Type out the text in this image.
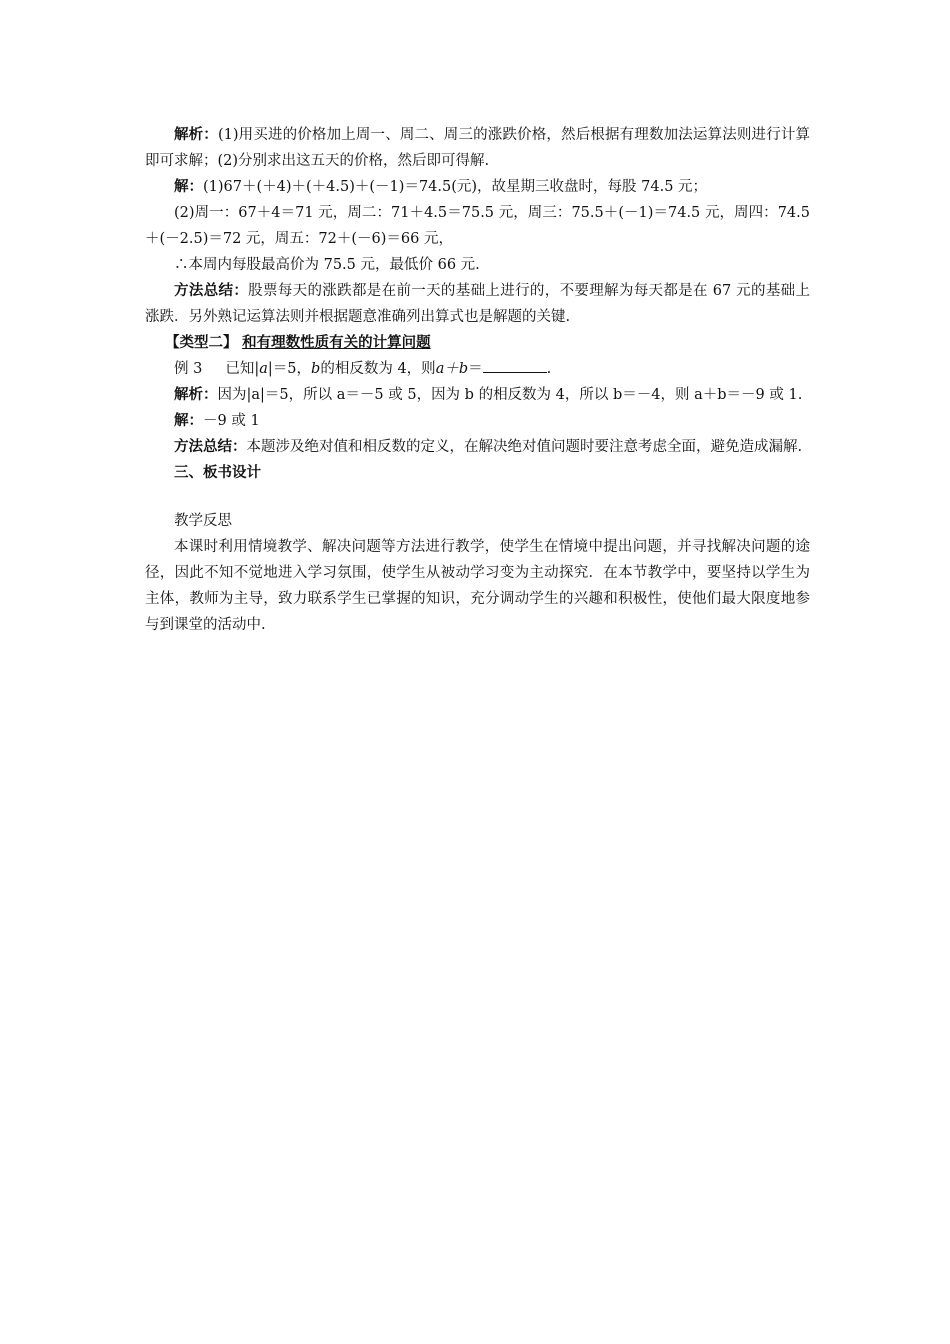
解析：(1)用买进的价格加上周一、周二、周三的涨跌价格，然后根据有理数加法运算法则进行计算即可求解；(2)分别求出这五天的价格，然后即可得解.

解：(1)67＋(＋4)＋(＋4.5)＋(－1)＝74.5(元)，故星期三收盘时，每股 74.5 元；

(2)周一：67＋4＝71 元，周二：71＋4.5＝75.5 元，周三：75.5＋(－1)＝74.5 元，周四：74.5＋(－2.5)＝72 元，周五：72＋(－6)＝66 元，

∴本周内每股最高价为 75.5 元，最低价 66 元.

方法总结：股票每天的涨跌都是在前一天的基础上进行的，不要理解为每天都是在 67 元的基础上涨跌．另外熟记运算法则并根据题意准确列出算式也是解题的关键.

【类型二】 和有理数性质有关的计算问题

例 3 已知|a|＝5，b的相反数为 4，则a＋b＝	.

解析：因为|a|＝5，所以 a＝－5 或 5，因为 b 的相反数为 4，所以 b＝－4，则 a＋b＝－9 或 1.

解：－9 或 1

方法总结：本题涉及绝对值和相反数的定义，在解决绝对值问题时要注意考虑全面，避免造成漏解.

三、板书设计

教学反思

本课时利用情境教学、解决问题等方法进行教学，使学生在情境中提出问题，并寻找解决问题的途径，因此不知不觉地进入学习氛围，使学生从被动学习变为主动探究．在本节教学中，要坚持以学生为主体，教师为主导，致力联系学生已掌握的知识，充分调动学生的兴趣和积极性，使他们最大限度地参与到课堂的活动中.
